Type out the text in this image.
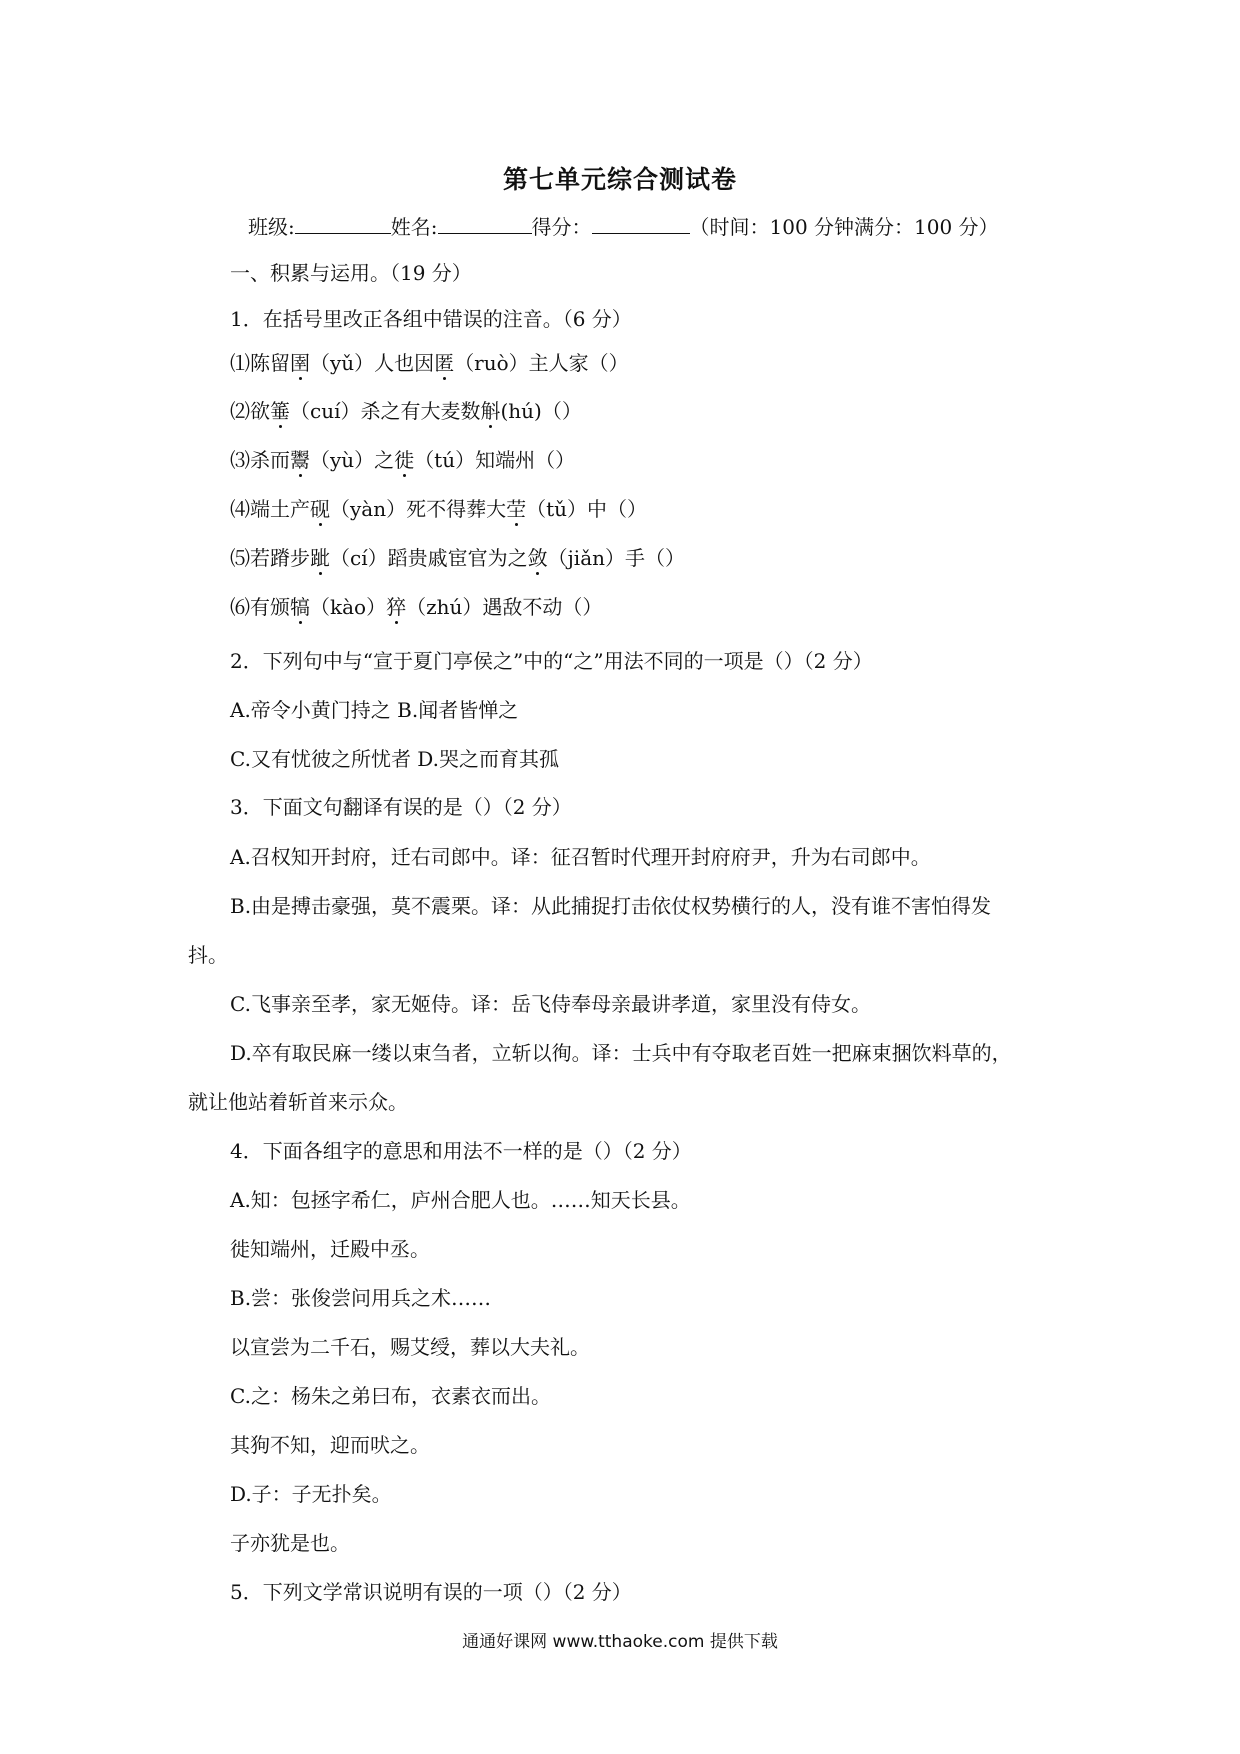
第七单元综合测试卷
班级:	姓名:	得分：	（时间：100 分钟满分：100 分）
一、积累与运用。（19 分）
1．在括号里改正各组中错误的注音。（6 分）
⑴陈留圉（yǔ）人也因匿（ruò）主人家（）
⑵欲箠（cuí）杀之有大麦数斛(hú)（）
⑶杀而鬻（yù）之徙（tú）知端州（）
⑷端土产砚（yàn）死不得葬大茔（tǔ）中（）
⑸若蹐步跐（cí）蹈贵戚宦官为之敛（jiǎn）手（）
⑹有颁犒（kào）猝（zhú）遇敌不动（）
2．下列句中与“宣于夏门亭侯之”中的“之”用法不同的一项是（）（2 分）
A.帝令小黄门持之 B.闻者皆惮之
C.又有忧彼之所忧者 D.哭之而育其孤
3．下面文句翻译有误的是（）（2 分）
A.召权知开封府，迁右司郎中。译：征召暂时代理开封府府尹，升为右司郎中。
B.由是搏击豪强，莫不震栗。译：从此捕捉打击依仗权势横行的人，没有谁不害怕得发
抖。
C.飞事亲至孝，家无姬侍。译：岳飞侍奉母亲最讲孝道，家里没有侍女。
D.卒有取民麻一缕以束刍者，立斩以徇。译：士兵中有夺取老百姓一把麻束捆饮料草的，
就让他站着斩首来示众。
4．下面各组字的意思和用法不一样的是（）（2 分）
A.知：包拯字希仁，庐州合肥人也。……知天长县。
徙知端州，迁殿中丞。
B.尝：张俊尝问用兵之术……
以宣尝为二千石，赐艾绶，葬以大夫礼。
C.之：杨朱之弟曰布，衣素衣而出。
其狗不知，迎而吠之。
D.子：子无扑矣。
子亦犹是也。
5．下列文学常识说明有误的一项（）（2 分）
通通好课网 www.tthaoke.com 提供下载
